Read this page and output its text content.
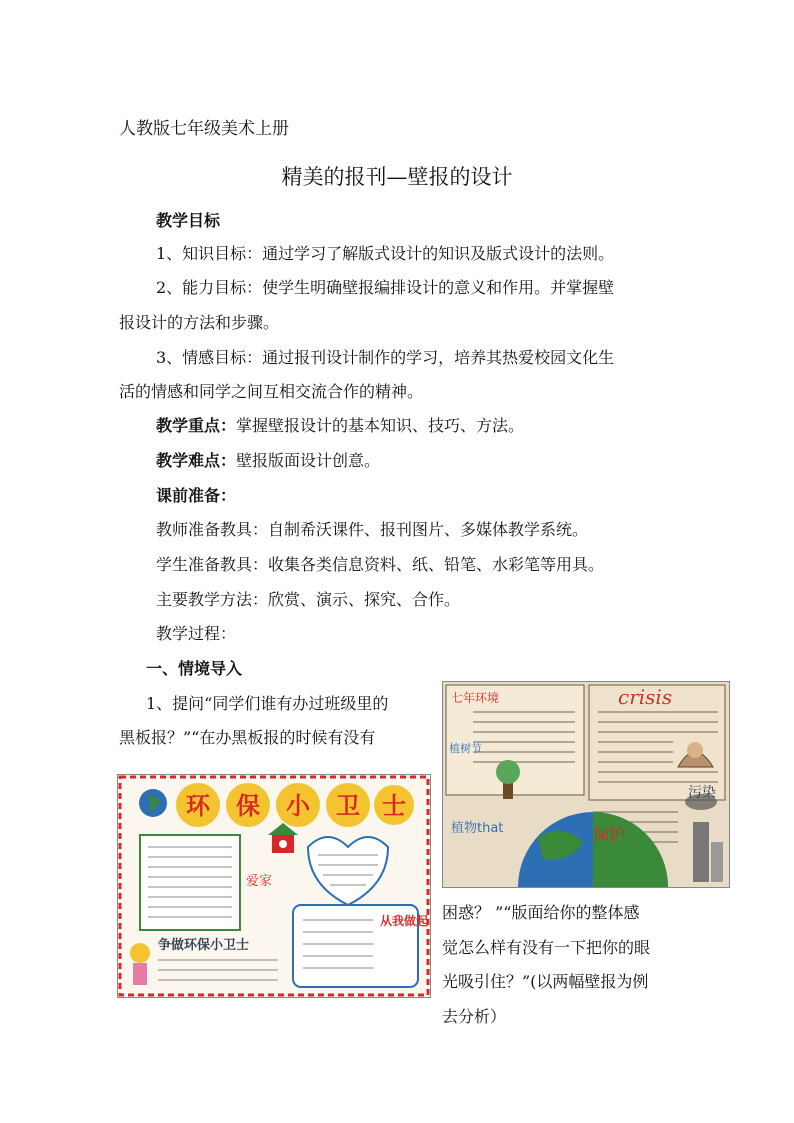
人教版七年级美术上册
精美的报刊—壁报的设计
教学目标
1、知识目标：通过学习了解版式设计的知识及版式设计的法则。
2、能力目标：使学生明确壁报编排设计的意义和作用。并掌握壁
报设计的方法和步骤。
3、情感目标：通过报刊设计制作的学习，培养其热爱校园文化生
活的情感和同学之间互相交流合作的精神。
教学重点：掌握壁报设计的基本知识、技巧、方法。
教学难点：壁报版面设计创意。
课前准备：
教师准备教具：自制希沃课件、报刊图片、多媒体教学系统。
学生准备教具：收集各类信息资料、纸、铅笔、水彩笔等用具。
主要教学方法：欣赏、演示、探究、合作。
教学过程：
一、情境导入
1、提问“同学们谁有办过班级里的
黑板报？”“在办黑板报的时候有没有
困惑？ ”“版面给你的整体感
觉怎么样有没有一下把你的眼
光吸引住？”(以两幅壁报为例
去分析）
七年环境	crisis
植树节
植物that	保护
污染
环 保 小 卫 士
爱家
从我做起
争做环保小卫士
